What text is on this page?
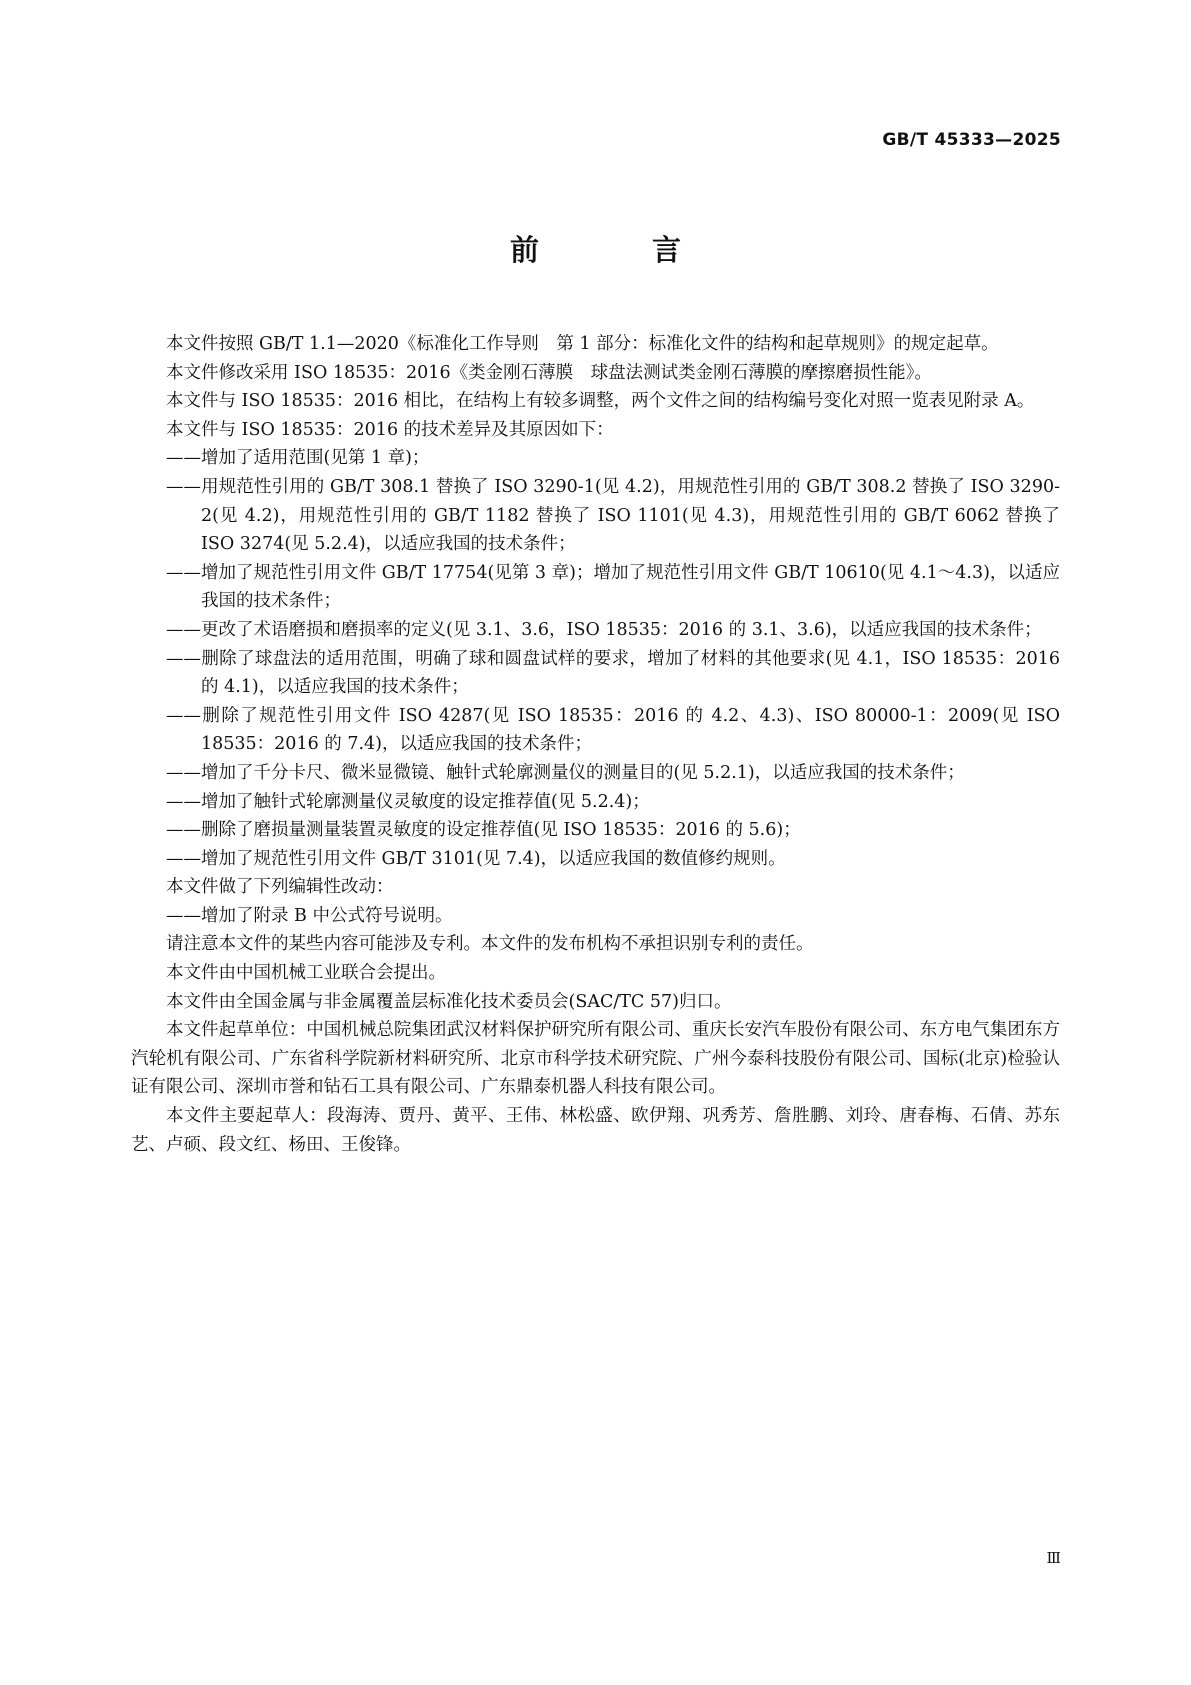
GB/T 45333—2025
前　言

本文件按照 GB/T 1.1—2020《标准化工作导则　第 1 部分：标准化文件的结构和起草规则》的规定起草。

本文件修改采用 ISO 18535：2016《类金刚石薄膜　球盘法测试类金刚石薄膜的摩擦磨损性能》。

本文件与 ISO 18535：2016 相比，在结构上有较多调整，两个文件之间的结构编号变化对照一览表见附录 A。

本文件与 ISO 18535：2016 的技术差异及其原因如下：

——增加了适用范围(见第 1 章)；

——用规范性引用的 GB/T 308.1 替换了 ISO 3290-1(见 4.2)，用规范性引用的 GB/T 308.2 替换了 ISO 3290-2(见 4.2)，用规范性引用的 GB/T 1182 替换了 ISO 1101(见 4.3)，用规范性引用的 GB/T 6062 替换了 ISO 3274(见 5.2.4)，以适应我国的技术条件；

——增加了规范性引用文件 GB/T 17754(见第 3 章)；增加了规范性引用文件 GB/T 10610(见 4.1～4.3)，以适应我国的技术条件；

——更改了术语磨损和磨损率的定义(见 3.1、3.6，ISO 18535：2016 的 3.1、3.6)，以适应我国的技术条件；

——删除了球盘法的适用范围，明确了球和圆盘试样的要求，增加了材料的其他要求(见 4.1，ISO 18535：2016 的 4.1)，以适应我国的技术条件；

——删除了规范性引用文件 ISO 4287(见 ISO 18535：2016 的 4.2、4.3)、ISO 80000-1：2009(见 ISO 18535：2016 的 7.4)，以适应我国的技术条件；

——增加了千分卡尺、微米显微镜、触针式轮廓测量仪的测量目的(见 5.2.1)，以适应我国的技术条件；

——增加了触针式轮廓测量仪灵敏度的设定推荐值(见 5.2.4)；

——删除了磨损量测量装置灵敏度的设定推荐值(见 ISO 18535：2016 的 5.6)；

——增加了规范性引用文件 GB/T 3101(见 7.4)，以适应我国的数值修约规则。

本文件做了下列编辑性改动：

——增加了附录 B 中公式符号说明。

请注意本文件的某些内容可能涉及专利。本文件的发布机构不承担识别专利的责任。

本文件由中国机械工业联合会提出。

本文件由全国金属与非金属覆盖层标准化技术委员会(SAC/TC 57)归口。

本文件起草单位：中国机械总院集团武汉材料保护研究所有限公司、重庆长安汽车股份有限公司、东方电气集团东方汽轮机有限公司、广东省科学院新材料研究所、北京市科学技术研究院、广州今泰科技股份有限公司、国标(北京)检验认证有限公司、深圳市誉和钻石工具有限公司、广东鼎泰机器人科技有限公司。

本文件主要起草人：段海涛、贾丹、黄平、王伟、林松盛、欧伊翔、巩秀芳、詹胜鹏、刘玲、唐春梅、石倩、苏东艺、卢硕、段文红、杨田、王俊锋。

Ⅲ
